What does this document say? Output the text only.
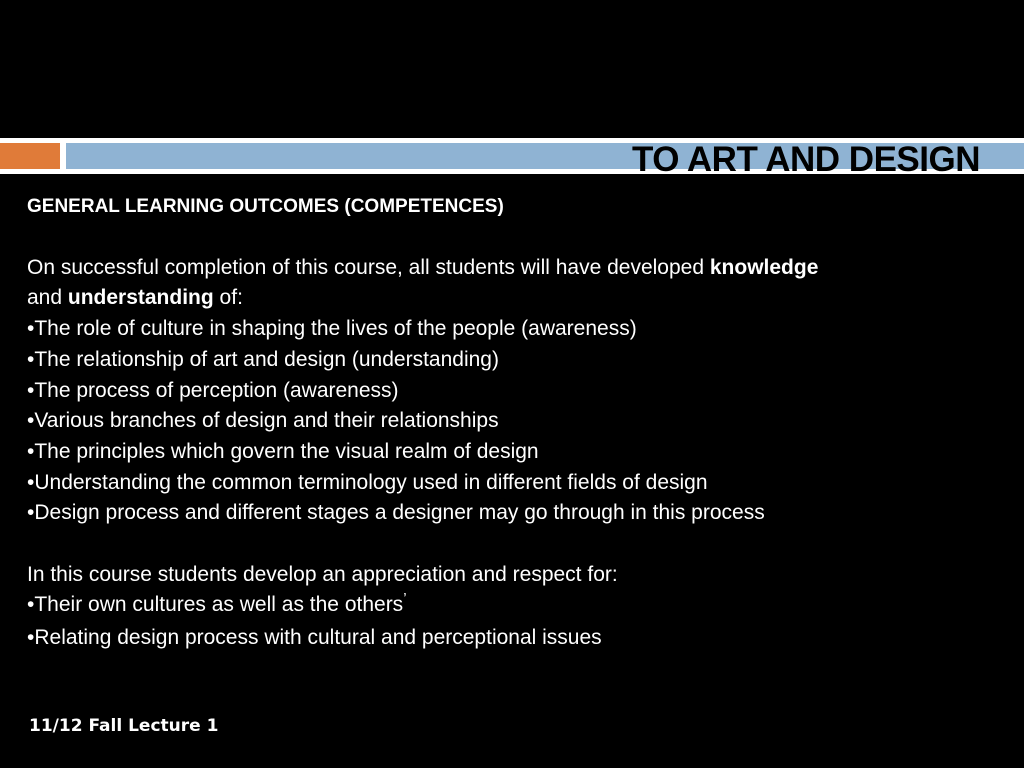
TO ART AND DESIGN
GENERAL LEARNING OUTCOMES (COMPETENCES)
On successful completion of this course, all students will have developed knowledge
and understanding of:
•The role of culture in shaping the lives of the people (awareness)
•The relationship of art and design (understanding)
•The process of perception (awareness)
•Various branches of design and their relationships
•The principles which govern the visual realm of design
•Understanding the common terminology used in different fields of design
•Design process and different stages a designer may go through in this process
In this course students develop an appreciation and respect for:
•Their own cultures as well as the others’
•Relating design process with cultural and perceptional issues
11/12 Fall Lecture 1
